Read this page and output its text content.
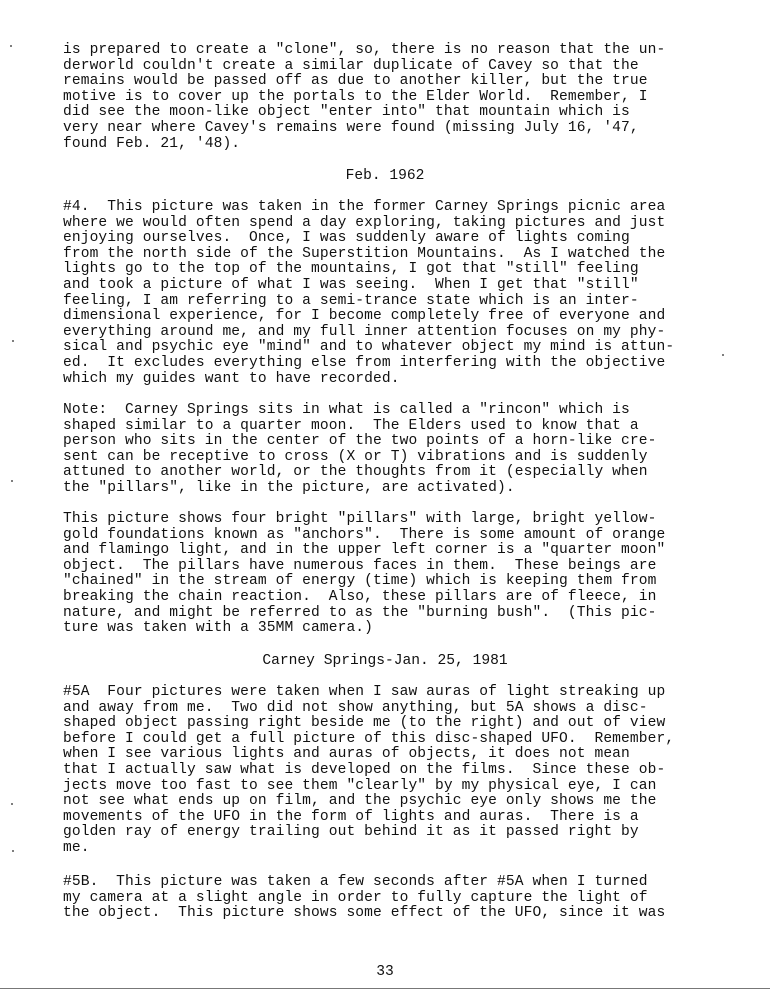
is prepared to create a "clone", so, there is no reason that the un-
derworld couldn't create a similar duplicate of Cavey so that the
remains would be passed off as due to another killer, but the true
motive is to cover up the portals to the Elder World.  Remember, I
did see the moon-like object "enter into" that mountain which is
very near where Cavey's remains were found (missing July 16, '47,
found Feb. 21, '48).
Feb. 1962
#4.  This picture was taken in the former Carney Springs picnic area
where we would often spend a day exploring, taking pictures and just
enjoying ourselves.  Once, I was suddenly aware of lights coming
from the north side of the Superstition Mountains.  As I watched the
lights go to the top of the mountains, I got that "still" feeling
and took a picture of what I was seeing.  When I get that "still"
feeling, I am referring to a semi-trance state which is an inter-
dimensional experience, for I become completely free of everyone and
everything around me, and my full inner attention focuses on my phy-
sical and psychic eye "mind" and to whatever object my mind is attun-
ed.  It excludes everything else from interfering with the objective
which my guides want to have recorded.
Note:  Carney Springs sits in what is called a "rincon" which is
shaped similar to a quarter moon.  The Elders used to know that a
person who sits in the center of the two points of a horn-like cre-
sent can be receptive to cross (X or T) vibrations and is suddenly
attuned to another world, or the thoughts from it (especially when
the "pillars", like in the picture, are activated).
This picture shows four bright "pillars" with large, bright yellow-
gold foundations known as "anchors".  There is some amount of orange
and flamingo light, and in the upper left corner is a "quarter moon"
object.  The pillars have numerous faces in them.  These beings are
"chained" in the stream of energy (time) which is keeping them from
breaking the chain reaction.  Also, these pillars are of fleece, in
nature, and might be referred to as the "burning bush".  (This pic-
ture was taken with a 35MM camera.)
Carney Springs-Jan. 25, 1981
#5A  Four pictures were taken when I saw auras of light streaking up
and away from me.  Two did not show anything, but 5A shows a disc-
shaped object passing right beside me (to the right) and out of view
before I could get a full picture of this disc-shaped UFO.  Remember,
when I see various lights and auras of objects, it does not mean
that I actually saw what is developed on the films.  Since these ob-
jects move too fast to see them "clearly" by my physical eye, I can
not see what ends up on film, and the psychic eye only shows me the
movements of the UFO in the form of lights and auras.  There is a
golden ray of energy trailing out behind it as it passed right by
me.
#5B.  This picture was taken a few seconds after #5A when I turned
my camera at a slight angle in order to fully capture the light of
the object.  This picture shows some effect of the UFO, since it was
33
